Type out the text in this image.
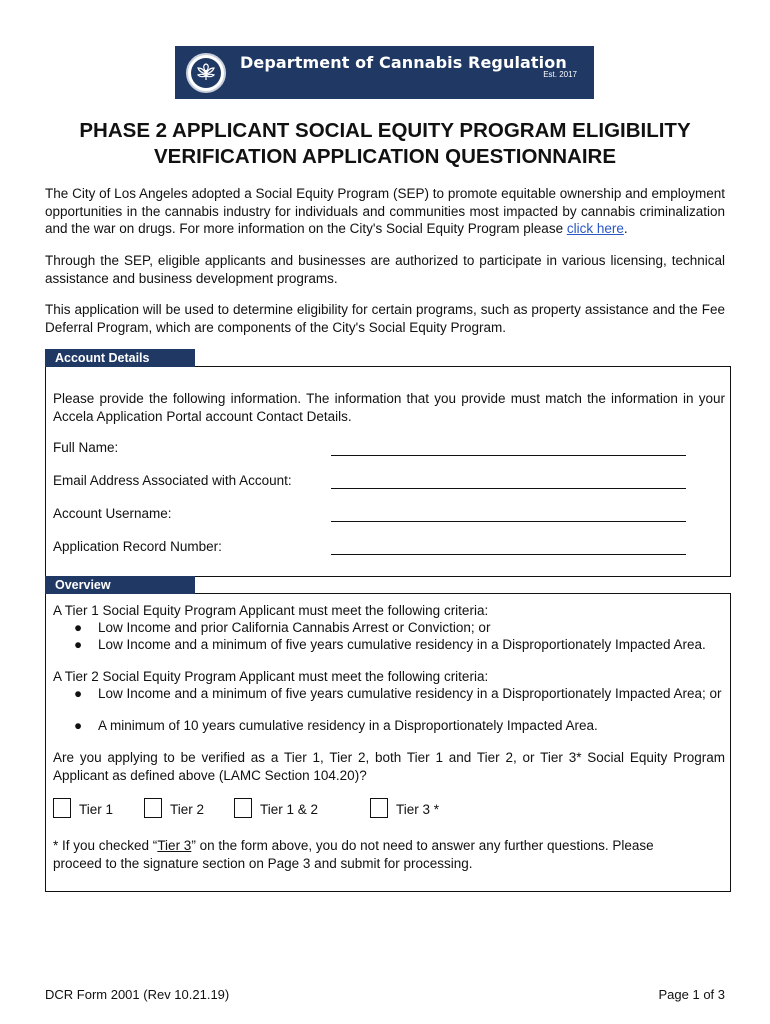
Department of Cannabis Regulation
Est. 2017
PHASE 2 APPLICANT SOCIAL EQUITY PROGRAM ELIGIBILITY
VERIFICATION APPLICATION QUESTIONNAIRE
The City of Los Angeles adopted a Social Equity Program (SEP) to promote equitable ownership and employment opportunities in the cannabis industry for individuals and communities most impacted by cannabis criminalization and the war on drugs. For more information on the City's Social Equity Program please click here.
Through the SEP, eligible applicants and businesses are authorized to participate in various licensing, technical assistance and business development programs.
This application will be used to determine eligibility for certain programs, such as property assistance and the Fee Deferral Program, which are components of the City's Social Equity Program.
Account Details
Please provide the following information. The information that you provide must match the information in your Accela Application Portal account Contact Details.
Full Name:
Email Address Associated with Account:
Account Username:
Application Record Number:
Overview
A Tier 1 Social Equity Program Applicant must meet the following criteria:
● Low Income and prior California Cannabis Arrest or Conviction; or
● Low Income and a minimum of five years cumulative residency in a Disproportionately Impacted Area.
A Tier 2 Social Equity Program Applicant must meet the following criteria:
● Low Income and a minimum of five years cumulative residency in a Disproportionately Impacted Area; or
● A minimum of 10 years cumulative residency in a Disproportionately Impacted Area.
Are you applying to be verified as a Tier 1, Tier 2, both Tier 1 and Tier 2, or Tier 3* Social Equity Program Applicant as defined above (LAMC Section 104.20)?
Tier 1	Tier 2	Tier 1 & 2	Tier 3 *
* If you checked “Tier 3” on the form above, you do not need to answer any further questions. Please proceed to the signature section on Page 3 and submit for processing.
DCR Form 2001 (Rev 10.21.19)	Page 1 of 3
